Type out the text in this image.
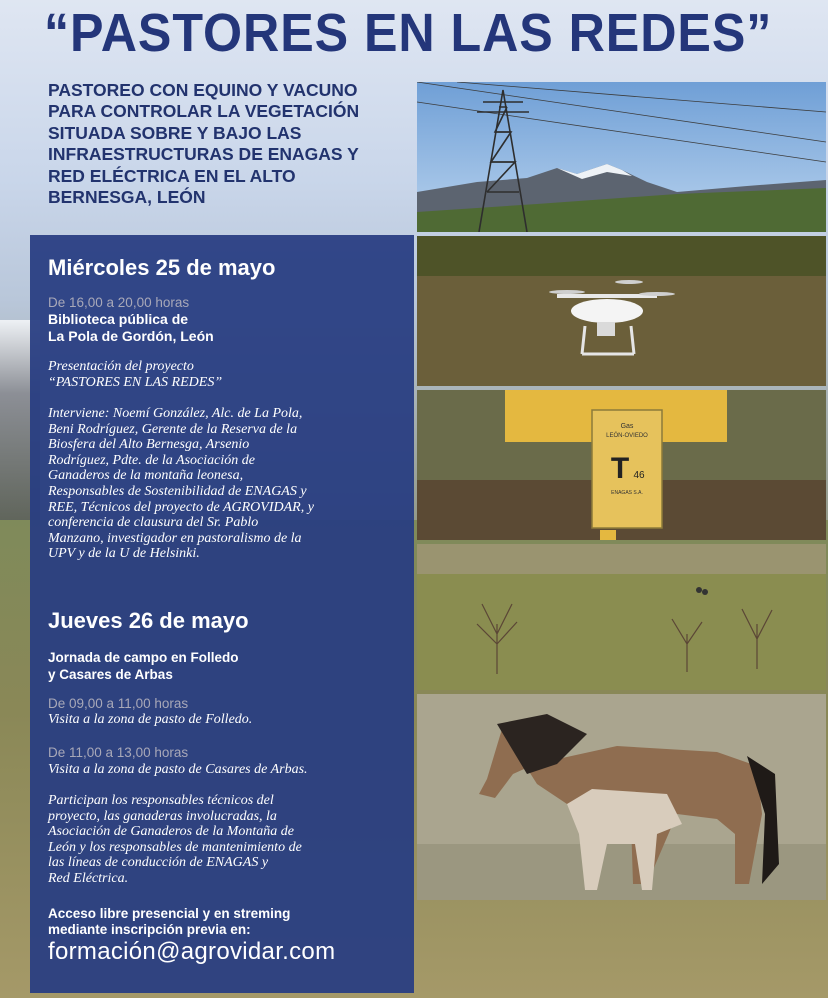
“PASTORES EN LAS REDES”
PASTOREO CON EQUINO Y VACUNO
PARA CONTROLAR LA VEGETACIÓN
SITUADA SOBRE Y BAJO LAS
INFRAESTRUCTURAS DE ENAGAS Y
RED ELÉCTRICA EN EL ALTO
BERNESGA, LEÓN
Miércoles 25 de mayo
De 16,00 a 20,00 horas
Biblioteca pública de
La Pola de Gordón, León
Presentación del proyecto
“PASTORES EN LAS REDES”
Interviene: Noemí González, Alc. de La Pola,
Beni Rodríguez, Gerente de la Reserva de la
Biosfera del Alto Bernesga, Arsenio
Rodríguez, Pdte. de la Asociación de
Ganaderos de la montaña leonesa,
Responsables de Sostenibilidad de ENAGAS y
REE, Técnicos del proyecto de AGROVIDAR, y
conferencia de clausura del Sr. Pablo
Manzano, investigador en pastoralismo de la
UPV y de la U de Helsinki.
Jueves 26 de mayo
Jornada de campo en Folledo
y Casares de Arbas
De 09,00 a 11,00 horas
Visita a la zona de pasto de Folledo.
De 11,00 a 13,00 horas
Visita a la zona de pasto de Casares de Arbas.
Participan los responsables técnicos del
proyecto, las ganaderas involucradas, la
Asociación de Ganaderos de la Montaña de
León y los responsables de mantenimiento de
las líneas de conducción de ENAGAS y
Red Eléctrica.
Acceso libre presencial y en streming
mediante inscripción previa en:
formación@agrovidar.com
Gas
LEÓN-OVIEDO
T 46
ENAGAS S.A.
